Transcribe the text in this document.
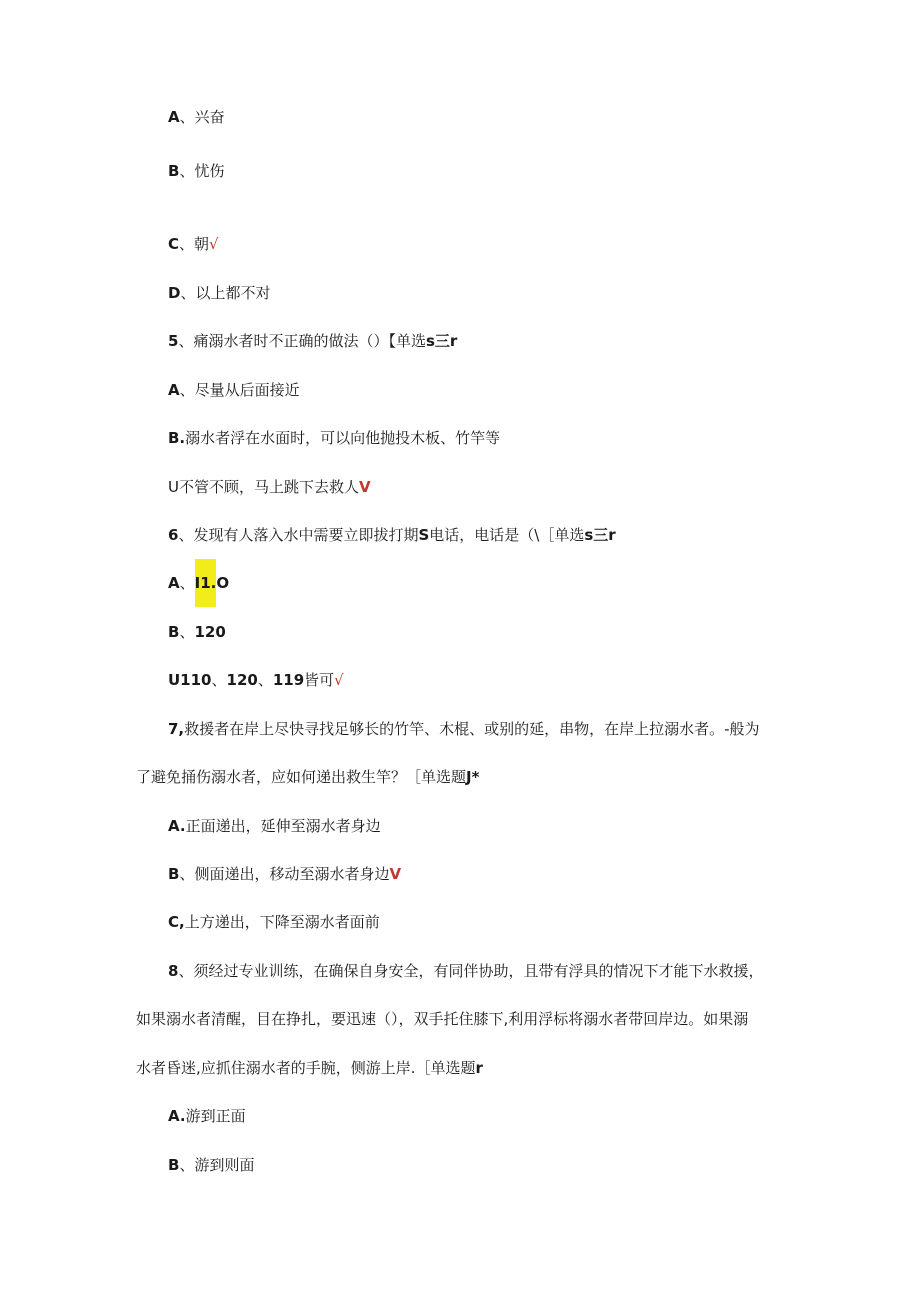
A、兴奋
B、忧伤
C、朝√
D、以上都不对
5、痛溺水者时不正确的做法（）【单选s三r
A、尽量从后面接近
B.溺水者浮在水面时，可以向他抛投木板、竹竿等
U不管不顾，马上跳下去救人V
6、发现有人落入水中需要立即拔打期S电话，电话是（\［单选s三r
A、I1.O
B、120
U110、120、119皆可√
7,救援者在岸上尽快寻找足够长的竹竿、木棍、或别的延，串物，在岸上拉溺水者。-般为
了避免捅伤溺水者，应如何递出救生竿？［单选题J*
A.正面递出，延伸至溺水者身边
B、侧面递出，移动至溺水者身边V
C,上方递出，下降至溺水者面前
8、须经过专业训练，在确保自身安全，有同伴协助，且带有浮具的情况下才能下水救援，
如果溺水者清醒，目在挣扎，要迅速（），双手托住膝下,利用浮标将溺水者带回岸边。如果溺
水者昏迷,应抓住溺水者的手腕，侧游上岸.［单选题r
A.游到正面
B、游到则面
